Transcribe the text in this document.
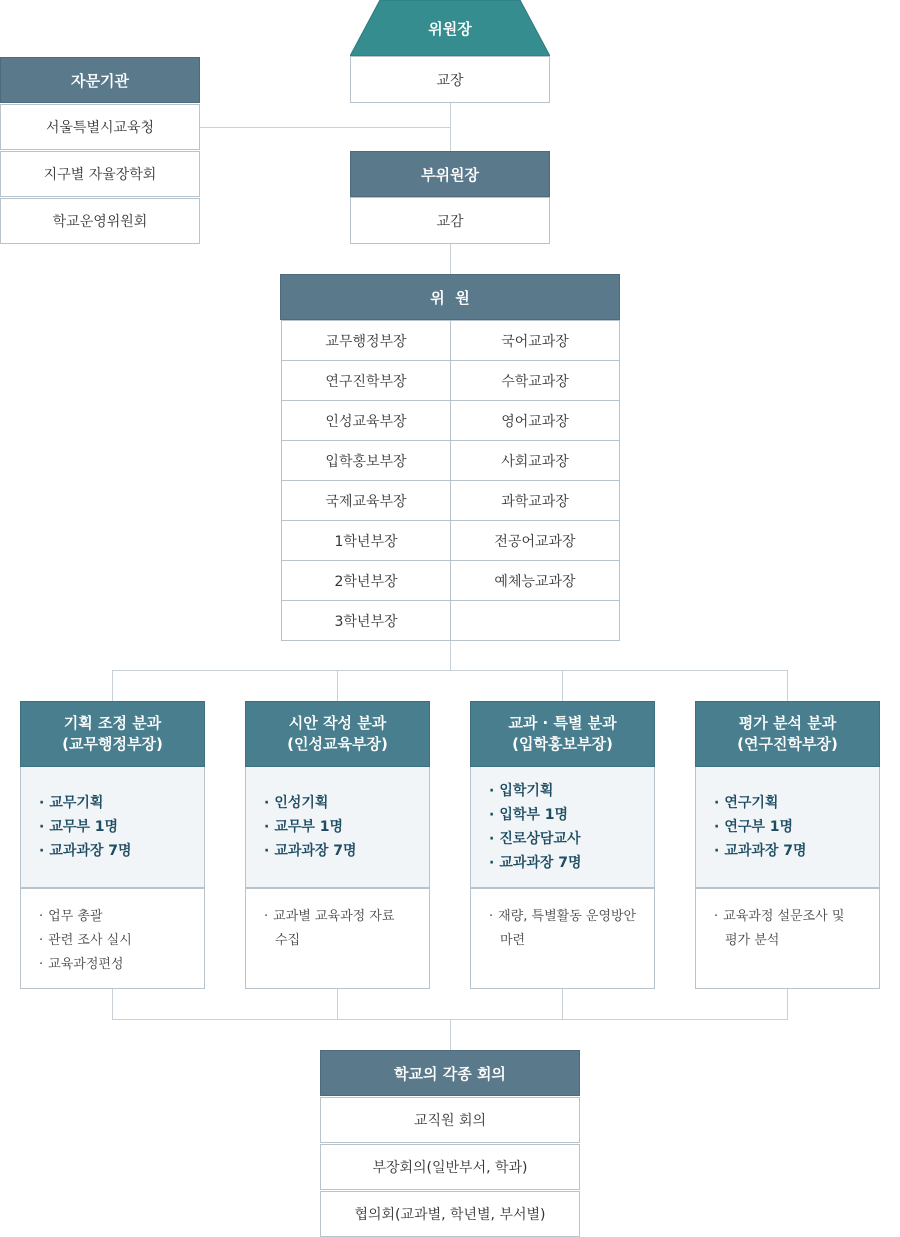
위원장
교장
부위원장
교감
자문기관
서울특별시교육청
지구별 자율장학회
학교운영위원회
위  원
교무행정부장	국어교과장
연구진학부장	수학교과장
인성교육부장	영어교과장
입학홍보부장	사회교과장
국제교육부장	과학교과장
1학년부장	전공어교과장
2학년부장	예체능교과장
3학년부장
기획 조정 분과
(교무행정부장)
· 교무기획
· 교무부 1명
· 교과과장 7명
· 업무 총괄
· 관련 조사 실시
· 교육과정편성
시안 작성 분과
(인성교육부장)
· 인성기획
· 교무부 1명
· 교과과장 7명
· 교과별 교육과정 자료
수집
교과 · 특별 분과
(입학홍보부장)
· 입학기획
· 입학부 1명
· 진로상담교사
· 교과과장 7명
· 재량, 특별활동 운영방안
마련
평가 분석 분과
(연구진학부장)
· 연구기획
· 연구부 1명
· 교과과장 7명
· 교육과정 설문조사 및
평가 분석
학교의 각종 회의
교직원 회의
부장회의(일반부서, 학과)
협의회(교과별, 학년별, 부서별)
